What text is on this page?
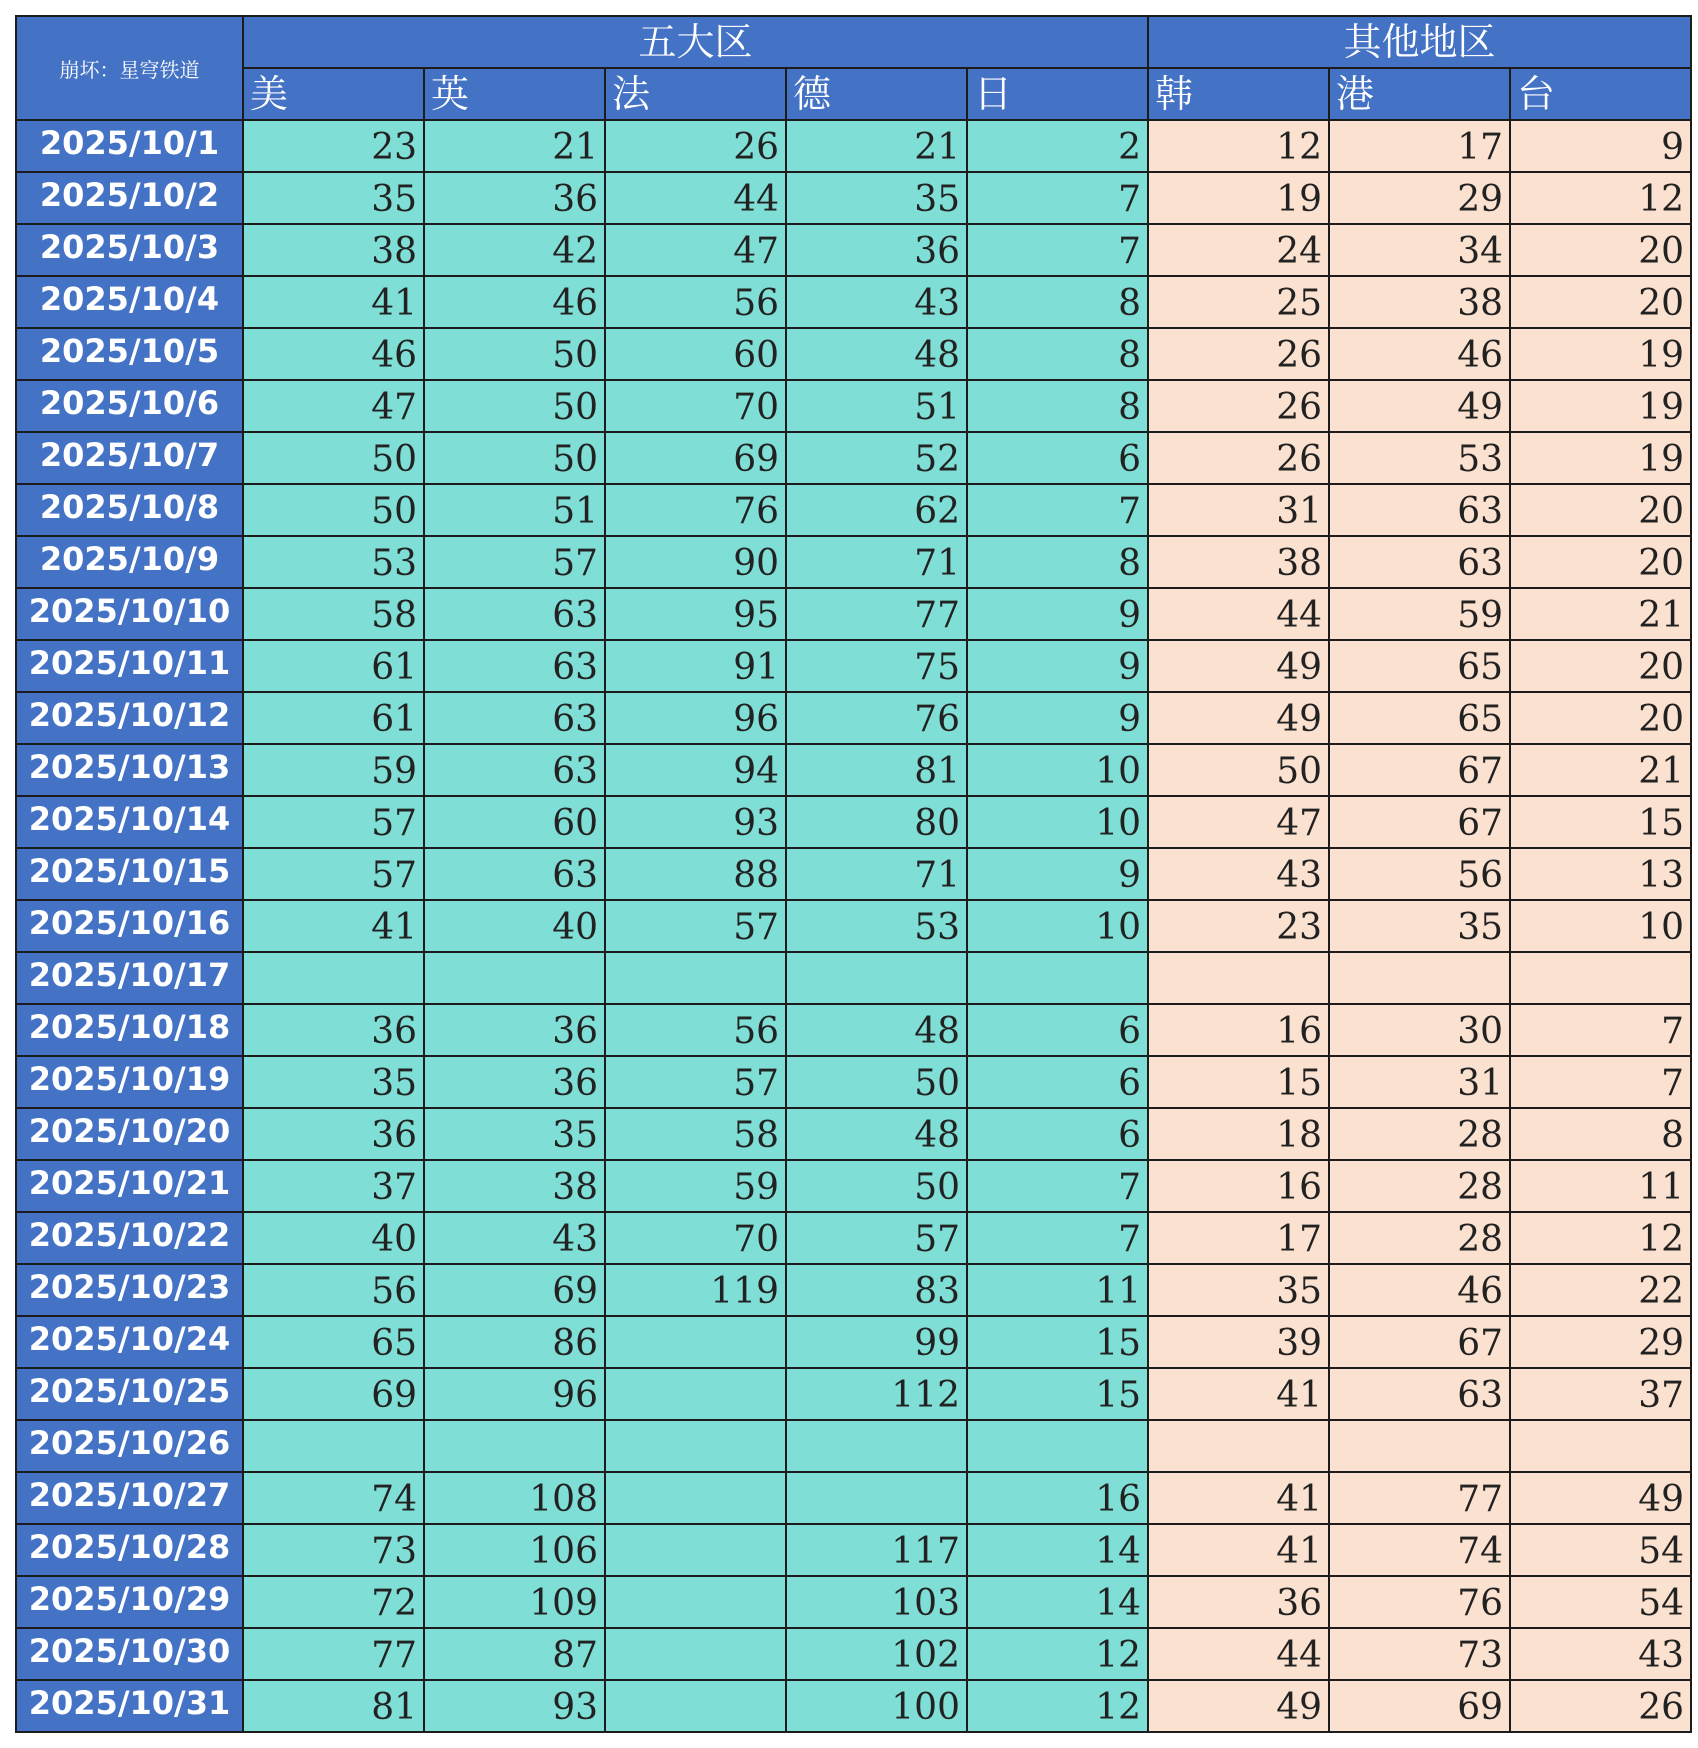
崩坏：星穹铁道	五大区					其他地区		
	美	英	法	德	日	韩	港	台
2025/10/1	23	21	26	21	2	12	17	9
2025/10/2	35	36	44	35	7	19	29	12
2025/10/3	38	42	47	36	7	24	34	20
2025/10/4	41	46	56	43	8	25	38	20
2025/10/5	46	50	60	48	8	26	46	19
2025/10/6	47	50	70	51	8	26	49	19
2025/10/7	50	50	69	52	6	26	53	19
2025/10/8	50	51	76	62	7	31	63	20
2025/10/9	53	57	90	71	8	38	63	20
2025/10/10	58	63	95	77	9	44	59	21
2025/10/11	61	63	91	75	9	49	65	20
2025/10/12	61	63	96	76	9	49	65	20
2025/10/13	59	63	94	81	10	50	67	21
2025/10/14	57	60	93	80	10	47	67	15
2025/10/15	57	63	88	71	9	43	56	13
2025/10/16	41	40	57	53	10	23	35	10
2025/10/17								
2025/10/18	36	36	56	48	6	16	30	7
2025/10/19	35	36	57	50	6	15	31	7
2025/10/20	36	35	58	48	6	18	28	8
2025/10/21	37	38	59	50	7	16	28	11
2025/10/22	40	43	70	57	7	17	28	12
2025/10/23	56	69	119	83	11	35	46	22
2025/10/24	65	86		99	15	39	67	29
2025/10/25	69	96		112	15	41	63	37
2025/10/26								
2025/10/27	74	108			16	41	77	49
2025/10/28	73	106		117	14	41	74	54
2025/10/29	72	109		103	14	36	76	54
2025/10/30	77	87		102	12	44	73	43
2025/10/31	81	93		100	12	49	69	26
